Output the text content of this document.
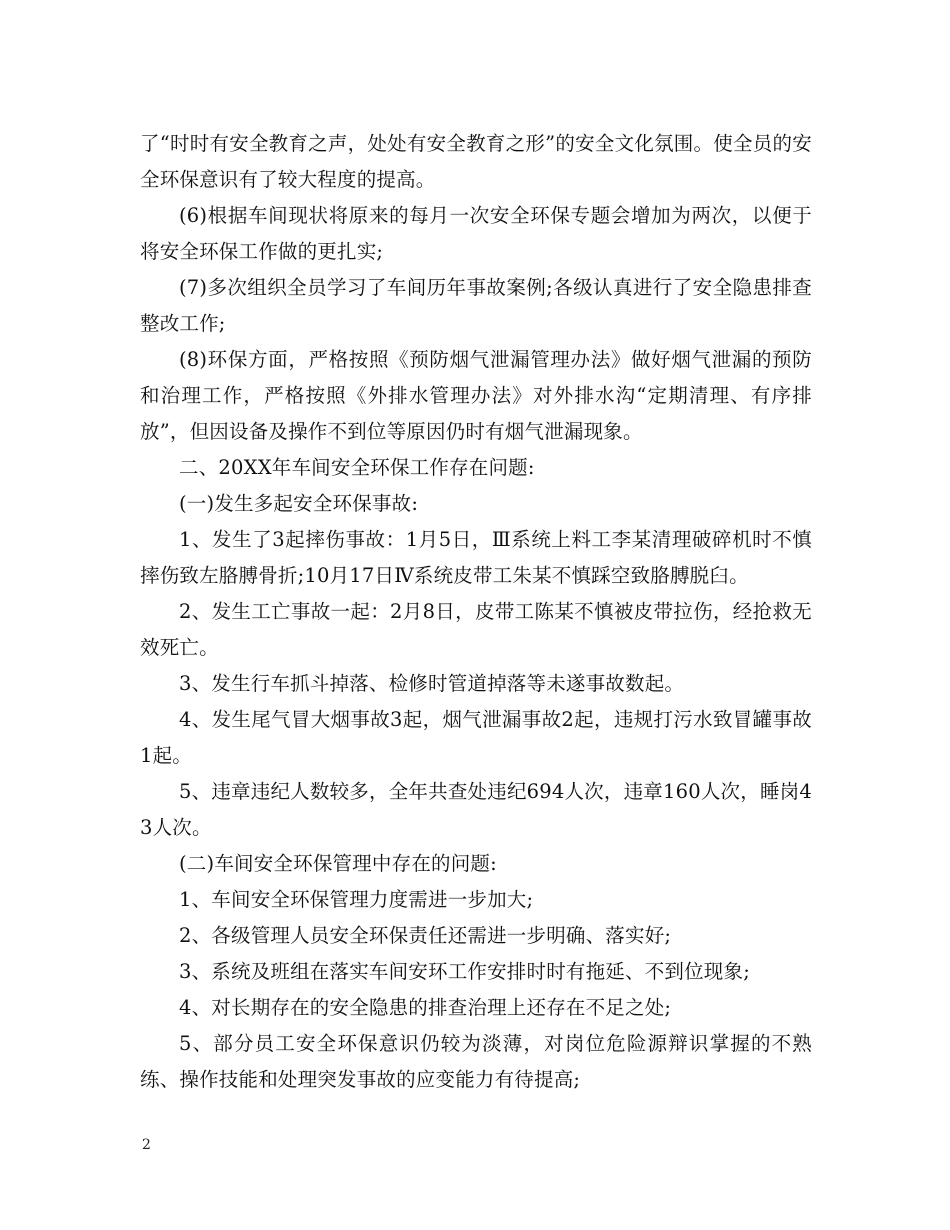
了“时时有安全教育之声，处处有安全教育之形”的安全文化氛围。使全员的安全环保意识有了较大程度的提高。

(6)根据车间现状将原来的每月一次安全环保专题会增加为两次，以便于将安全环保工作做的更扎实;

(7)多次组织全员学习了车间历年事故案例;各级认真进行了安全隐患排查整改工作;

(8)环保方面，严格按照《预防烟气泄漏管理办法》做好烟气泄漏的预防和治理工作，严格按照《外排水管理办法》对外排水沟“定期清理、有序排放”，但因设备及操作不到位等原因仍时有烟气泄漏现象。

二、20XX年车间安全环保工作存在问题:

(一)发生多起安全环保事故:

1、发生了3起摔伤事故：1月5日，Ⅲ系统上料工李某清理破碎机时不慎摔伤致左胳膊骨折;10月17日Ⅳ系统皮带工朱某不慎踩空致胳膊脱臼。

2、发生工亡事故一起：2月8日，皮带工陈某不慎被皮带拉伤，经抢救无效死亡。

3、发生行车抓斗掉落、检修时管道掉落等未遂事故数起。

4、发生尾气冒大烟事故3起，烟气泄漏事故2起，违规打污水致冒罐事故1起。

5、违章违纪人数较多，全年共查处违纪694人次，违章160人次，睡岗43人次。

(二)车间安全环保管理中存在的问题:

1、车间安全环保管理力度需进一步加大;

2、各级管理人员安全环保责任还需进一步明确、落实好;

3、系统及班组在落实车间安环工作安排时时有拖延、不到位现象;

4、对长期存在的安全隐患的排查治理上还存在不足之处;

5、部分员工安全环保意识仍较为淡薄，对岗位危险源辩识掌握的不熟练、操作技能和处理突发事故的应变能力有待提高;

2
